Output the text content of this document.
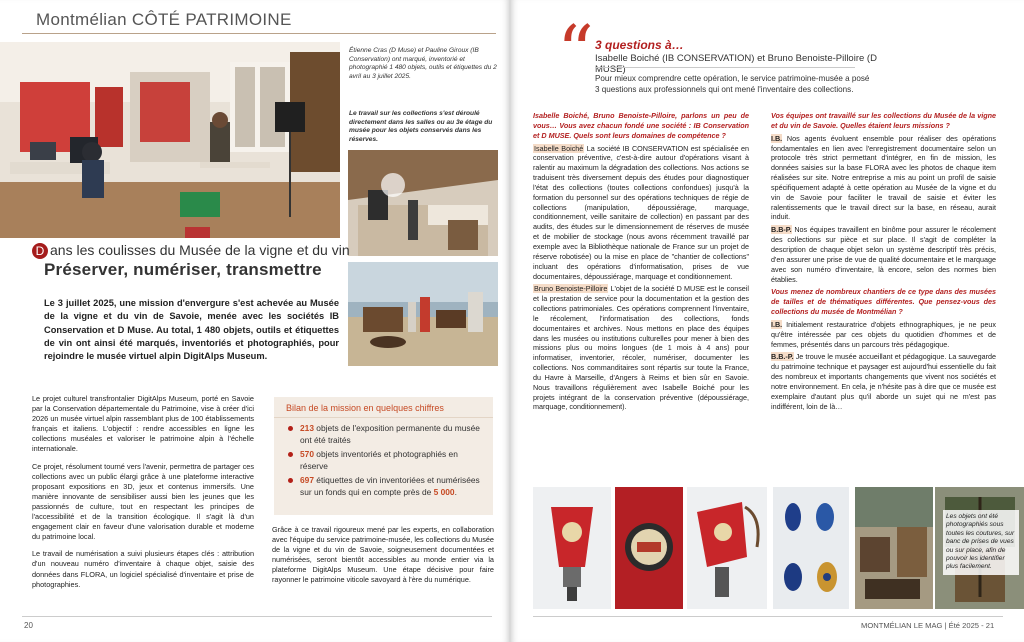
Montmélian CÔTÉ PATRIMOINE
Étienne Cras (D Muse) et Pauline Giroux (IB Conservation) ont marqué, inventorié et photographié 1 480 objets, outils et étiquettes du 2 avril au 3 juillet 2025.
Le travail sur les collections s'est déroulé directement dans les salles ou au 3e étage du musée pour les objets conservés dans les réserves.
D ans les coulisses du Musée de la vigne et du vin
Préserver, numériser, transmettre
Le 3 juillet 2025, une mission d'envergure s'est achevée au Musée de la vigne et du vin de Savoie, menée avec les sociétés IB Conservation et D Muse. Au total, 1 480 objets, outils et étiquettes de vin ont ainsi été marqués, inventoriés et photographiés, pour rejoindre le musée virtuel alpin DigitAlps Museum.

Le projet culturel transfrontalier DigitAlps Museum, porté en Savoie par la Conservation départementale du Patrimoine, vise à créer d'ici 2026 un musée virtuel alpin rassemblant plus de 100 établissements français et italiens. L'objectif : rendre accessibles en ligne les collections muséales et valoriser le patrimoine alpin à l'échelle internationale.

Ce projet, résolument tourné vers l'avenir, permettra de partager ces collections avec un public élargi grâce à une plateforme interactive proposant expositions en 3D, jeux et contenus immersifs. Une manière innovante de sensibiliser aussi bien les jeunes que les passionnés de culture, tout en respectant les principes de l'accessibilité et de la transition écologique. Il s'agit là d'un engagement clair en faveur d'une valorisation durable et moderne du patrimoine local.

Le travail de numérisation a suivi plusieurs étapes clés : attribution d'un nouveau numéro d'inventaire à chaque objet, saisie des données dans FLORA, un logiciel spécialisé d'inventaire et prise de photographies.

Bilan de la mission en quelques chiffres
213 objets de l'exposition permanente du musée ont été traités
570 objets inventoriés et photographiés en réserve
697 étiquettes de vin inventoriées et numérisées sur un fonds qui en compte près de 5 000.

Grâce à ce travail rigoureux mené par les experts, en collaboration avec l'équipe du service patrimoine-musée, les collections du Musée de la vigne et du vin de Savoie, soigneusement documentées et numérisées, seront bientôt accessibles au monde entier via la plateforme DigitAlps Museum. Une étape décisive pour faire rayonner le patrimoine viticole savoyard à l'ère du numérique.

20
“ 3 questions à…
Isabelle Boiché (IB CONSERVATION) et Bruno Benoiste-Pilloire (D MUSE)
Pour mieux comprendre cette opération, le service patrimoine-musée a posé 3 questions aux professionnels qui ont mené l'inventaire des collections.

Isabelle Boiché, Bruno Benoiste-Pilloire, parlons un peu de vous… Vous avez chacun fondé une société : IB Conservation et D MUSE. Quels sont leurs domaines de compétence ?

Isabelle Boiché La société IB CONSERVATION est spécialisée en conservation préventive, c'est-à-dire autour d'opérations visant à ralentir au maximum la dégradation des collections. Nos actions se traduisent très diversement depuis des études pour diagnostiquer l'état des collections (toutes collections confondues) jusqu'à la formation du personnel sur des opérations techniques de régie de collections (manipulation, dépoussiérage, marquage, conditionnement, veille sanitaire de collection) en passant par des audits, des études sur le dimensionnement de réserves de musée et de mobilier de stockage (nous avons récemment travaillé par exemple avec la Bibliothèque nationale de France sur un projet de réserve robotisée) ou la mise en place de "chantier de collections" incluant des opérations d'informatisation, prises de vue documentaires, dépoussiérage, marquage et conditionnement.

Bruno Benoiste-Pilloire L'objet de la société D MUSE est le conseil et la prestation de service pour la documentation et la gestion des collections patrimoniales. Ces opérations comprennent l'inventaire, le récolement, l'informatisation des collections, fonds documentaires et archives. Nous mettons en place des équipes dans les musées ou institutions culturelles pour mener à bien des missions plus ou moins longues (de 1 mois à 4 ans) pour informatiser, inventorier, récoler, numériser, documenter les collections. Nos commanditaires sont répartis sur toute la France, du Havre à Marseille, d'Angers à Reims et bien sûr en Savoie. Nous travaillons régulièrement avec Isabelle Boiché pour les projets intégrant de la conservation préventive (dépoussiérage, marquage, conditionnement).

Vos équipes ont travaillé sur les collections du Musée de la vigne et du vin de Savoie. Quelles étaient leurs missions ?

I.B. Nos agents évoluent ensemble pour réaliser des opérations fondamentales en lien avec l'enregistrement documentaire selon un protocole très strict permettant d'intégrer, en fin de mission, les données saisies sur la base FLORA avec les photos de chaque item réalisées sur site. Notre entreprise a mis au point un profil de saisie spécifiquement adapté à cette opération au Musée de la vigne et du vin de Savoie pour faciliter le travail de saisie et éviter les ralentissements que le travail direct sur la base, en réseau, aurait induit.

B.B-P. Nos équipes travaillent en binôme pour assurer le récolement des collections sur pièce et sur place. Il s'agit de compléter la description de chaque objet selon un système descriptif très précis, d'en assurer une prise de vue de qualité documentaire et le marquage avec son numéro d'inventaire, là encore, selon des normes bien établies.

Vous menez de nombreux chantiers de ce type dans des musées de tailles et de thématiques différentes. Que pensez-vous des collections du musée de Montmélian ?

I.B. Initialement restauratrice d'objets ethnographiques, je ne peux qu'être intéressée par ces objets du quotidien d'hommes et de femmes, présentés dans un parcours très pédagogique.

B.B.-P. Je trouve le musée accueillant et pédagogique. La sauvegarde du patrimoine technique et paysager est aujourd'hui essentielle du fait des nombreux et importants changements que vivent nos sociétés et notre environnement. En cela, je n'hésite pas à dire que ce musée est exemplaire d'autant plus qu'il aborde un sujet qui ne m'est pas indifférent, loin de là…

Les objets ont été photographiés sous toutes les coutures, sur banc de prises de vues ou sur place, afin de pouvoir les identifier plus facilement.
MONTMÉLIAN LE MAG | Été 2025 - 21
